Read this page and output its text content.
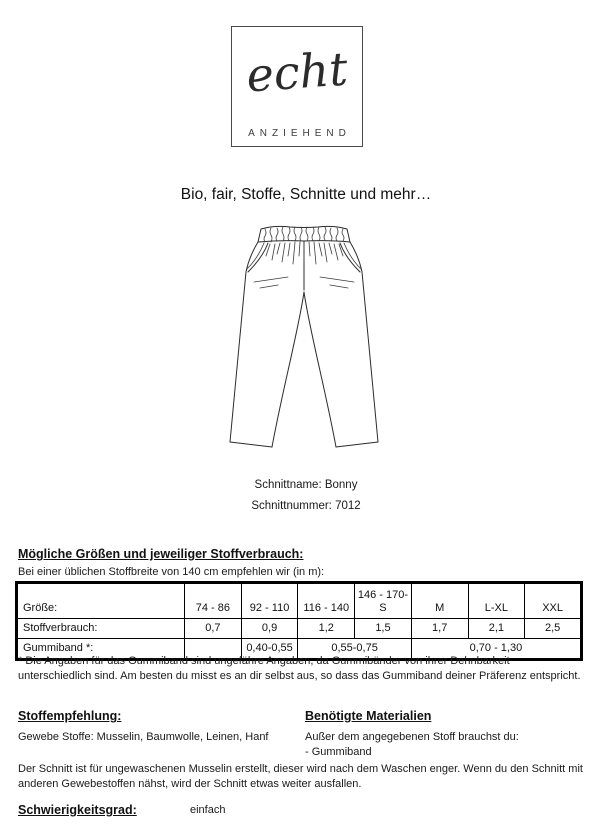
echt
ANZIEHEND
Bio, fair, Stoffe, Schnitte und mehr…
Schnittname: Bonny
Schnittnummer: 7012
Mögliche Größen und jeweiliger Stoffverbrauch:
Bei einer üblichen Stoffbreite von 140 cm empfehlen wir (in m):
Größe:	74 - 86	92 - 110	116 - 140	146 - 170-S	M	L-XL	XXL
Stoffverbrauch:	0,7	0,9	1,2	1,5	1,7	2,1	2,5
Gummiband *:		0,40-0,55	0,55-0,75		0,70 - 1,30		
* Die Angaben für das Gummiband sind ungefähre Angaben, da Gummibänder von ihrer Dehnbarkeit unterschiedlich sind. Am besten du misst es an dir selbst aus, so dass das Gummiband deiner Präferenz entspricht.
Stoffempfehlung:	Benötigte Materialien
Gewebe Stoffe: Musselin, Baumwolle, Leinen, Hanf	Außer dem angegebenen Stoff brauchst du:
- Gummiband
Der Schnitt ist für ungewaschenen Musselin erstellt, dieser wird nach dem Waschen enger. Wenn du den Schnitt mit anderen Gewebestoffen nähst, wird der Schnitt etwas weiter ausfallen.
Schwierigkeitsgrad:	einfach
